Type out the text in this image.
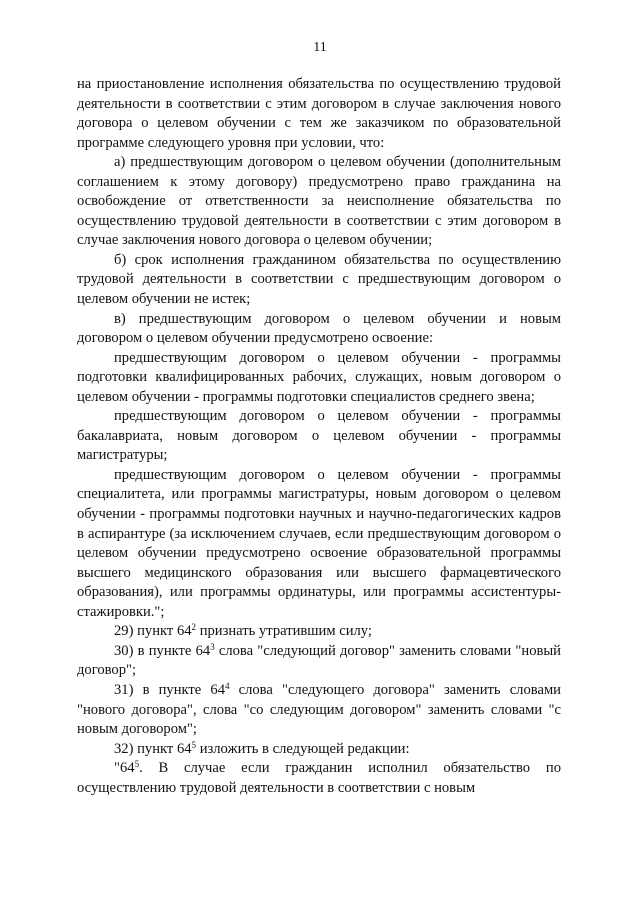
11

на приостановление исполнения обязательства по осуществлению трудовой деятельности в соответствии с этим договором в случае заключения нового договора о целевом обучении с тем же заказчиком по образовательной программе следующего уровня при условии, что:

а) предшествующим договором о целевом обучении (дополнительным соглашением к этому договору) предусмотрено право гражданина на освобождение от ответственности за неисполнение обязательства по осуществлению трудовой деятельности в соответствии с этим договором в случае заключения нового договора о целевом обучении;

б) срок исполнения гражданином обязательства по осуществлению трудовой деятельности в соответствии с предшествующим договором о целевом обучении не истек;

в) предшествующим договором о целевом обучении и новым договором о целевом обучении предусмотрено освоение:

предшествующим договором о целевом обучении - программы подготовки квалифицированных рабочих, служащих, новым договором о целевом обучении - программы подготовки специалистов среднего звена;

предшествующим договором о целевом обучении - программы бакалавриата, новым договором о целевом обучении - программы магистратуры;

предшествующим договором о целевом обучении - программы специалитета, или программы магистратуры, новым договором о целевом обучении - программы подготовки научных и научно-педагогических кадров в аспирантуре (за исключением случаев, если предшествующим договором о целевом обучении предусмотрено освоение образовательной программы высшего медицинского образования или высшего фармацевтического образования), или программы ординатуры, или программы ассистентуры-стажировки.";

29) пункт $64^2$ признать утратившим силу;

30) в пункте $64^3$ слова "следующий договор" заменить словами "новый договор";

31) в пункте $64^4$ слова "следующего договора" заменить словами "нового договора", слова "со следующим договором" заменить словами "с новым договором";

32) пункт $64^5$ изложить в следующей редакции:

"$64^5$. В случае если гражданин исполнил обязательство по осуществлению трудовой деятельности в соответствии с новым
